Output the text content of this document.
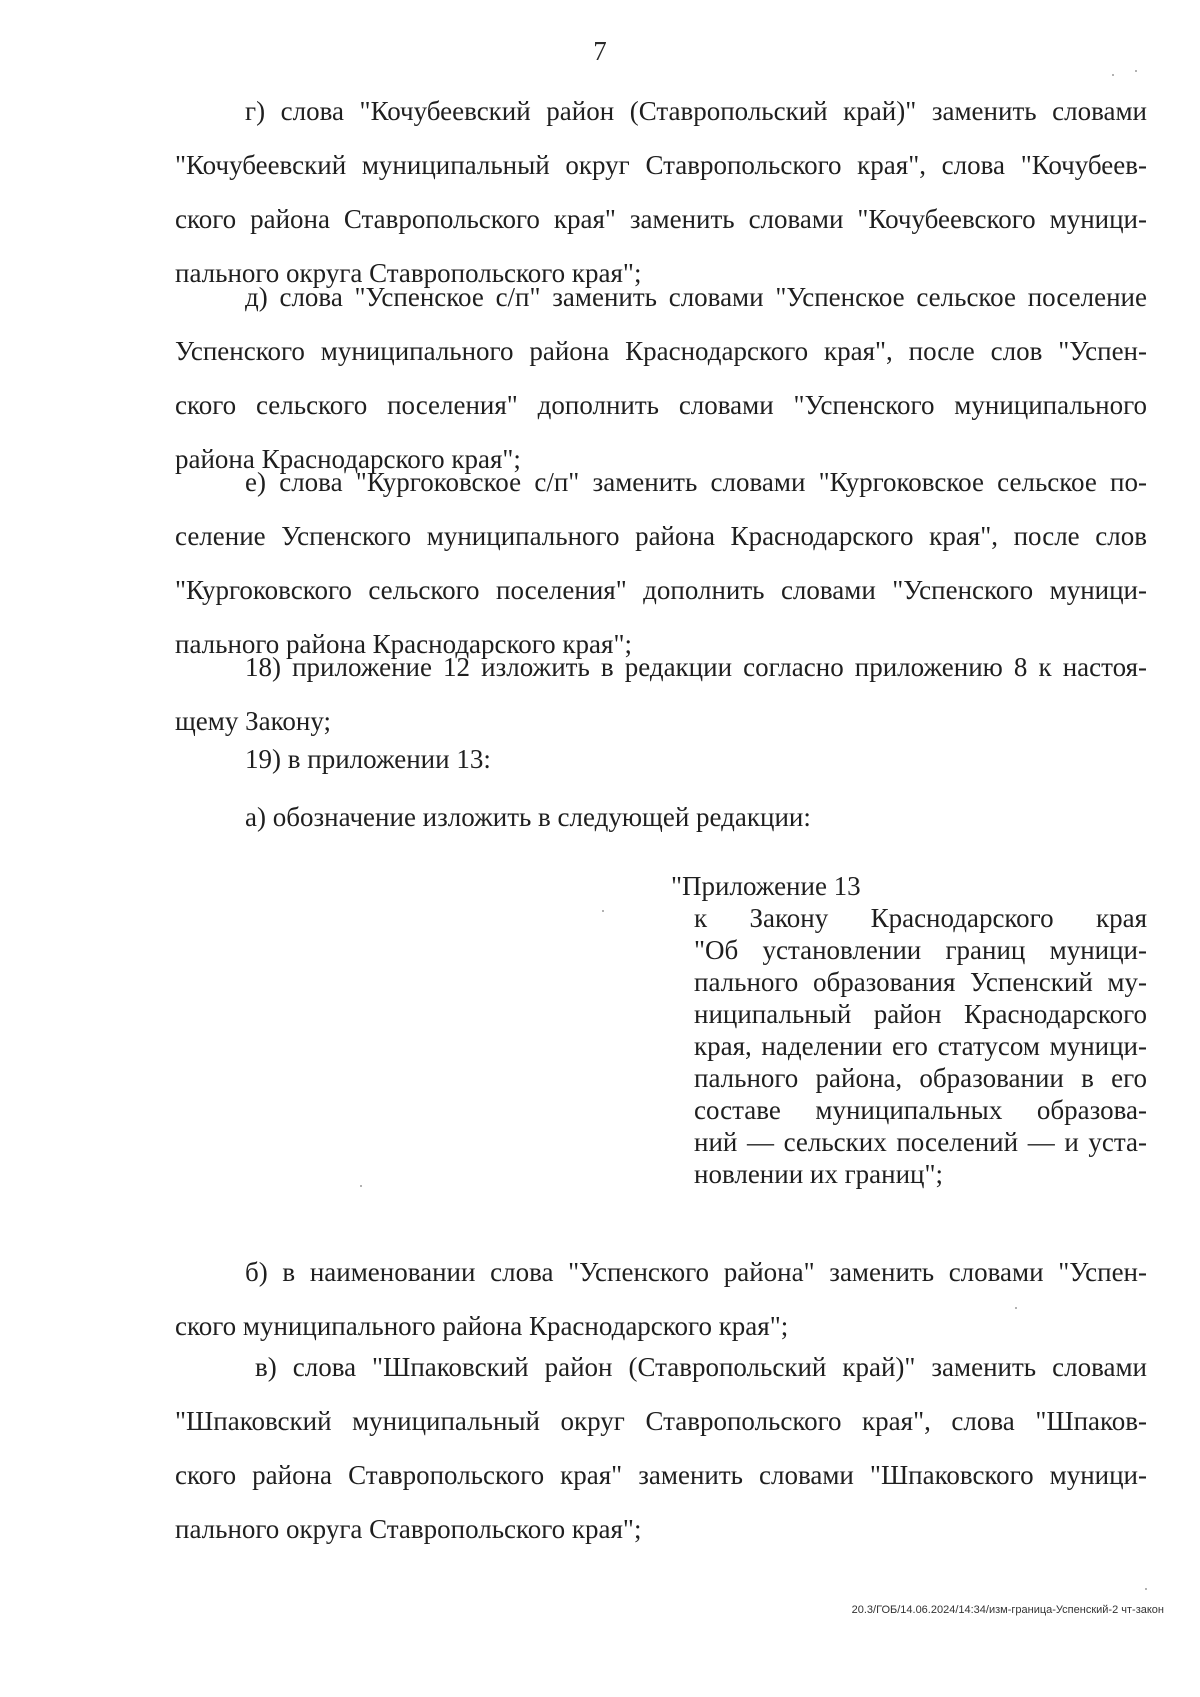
7
г) слова "Кочубеевский район (Ставропольский край)" заменить словами
"Кочубеевский муниципальный округ Ставропольского края", слова "Кочубеев-
ского района Ставропольского края" заменить словами "Кочубеевского муници-
пального округа Ставропольского края";
д) слова "Успенское с/п" заменить словами "Успенское сельское поселение
Успенского муниципального района Краснодарского края", после слов "Успен-
ского сельского поселения" дополнить словами "Успенского муниципального
района Краснодарского края";
е) слова "Кургоковское с/п" заменить словами "Кургоковское сельское по-
селение Успенского муниципального района Краснодарского края", после слов
"Кургоковского сельского поселения" дополнить словами "Успенского муници-
пального района Краснодарского края";
18) приложение 12 изложить в редакции согласно приложению 8 к настоя-
щему Закону;
19) в приложении 13:
а) обозначение изложить в следующей редакции:
"Приложение 13
к Закону Краснодарского края
"Об установлении границ муници-
пального образования Успенский му-
ниципальный район Краснодарского
края, наделении его статусом муници-
пального района, образовании в его
составе муниципальных образова-
ний — сельских поселений — и уста-
новлении их границ";
б) в наименовании слова "Успенского района" заменить словами "Успен-
ского муниципального района Краснодарского края";
в) слова "Шпаковский район (Ставропольский край)" заменить словами
"Шпаковский муниципальный округ Ставропольского края", слова "Шпаков-
ского района Ставропольского края" заменить словами "Шпаковского муници-
пального округа Ставропольского края";
20.3/ГОБ/14.06.2024/14:34/изм-граница-Успенский-2 чт-закон
